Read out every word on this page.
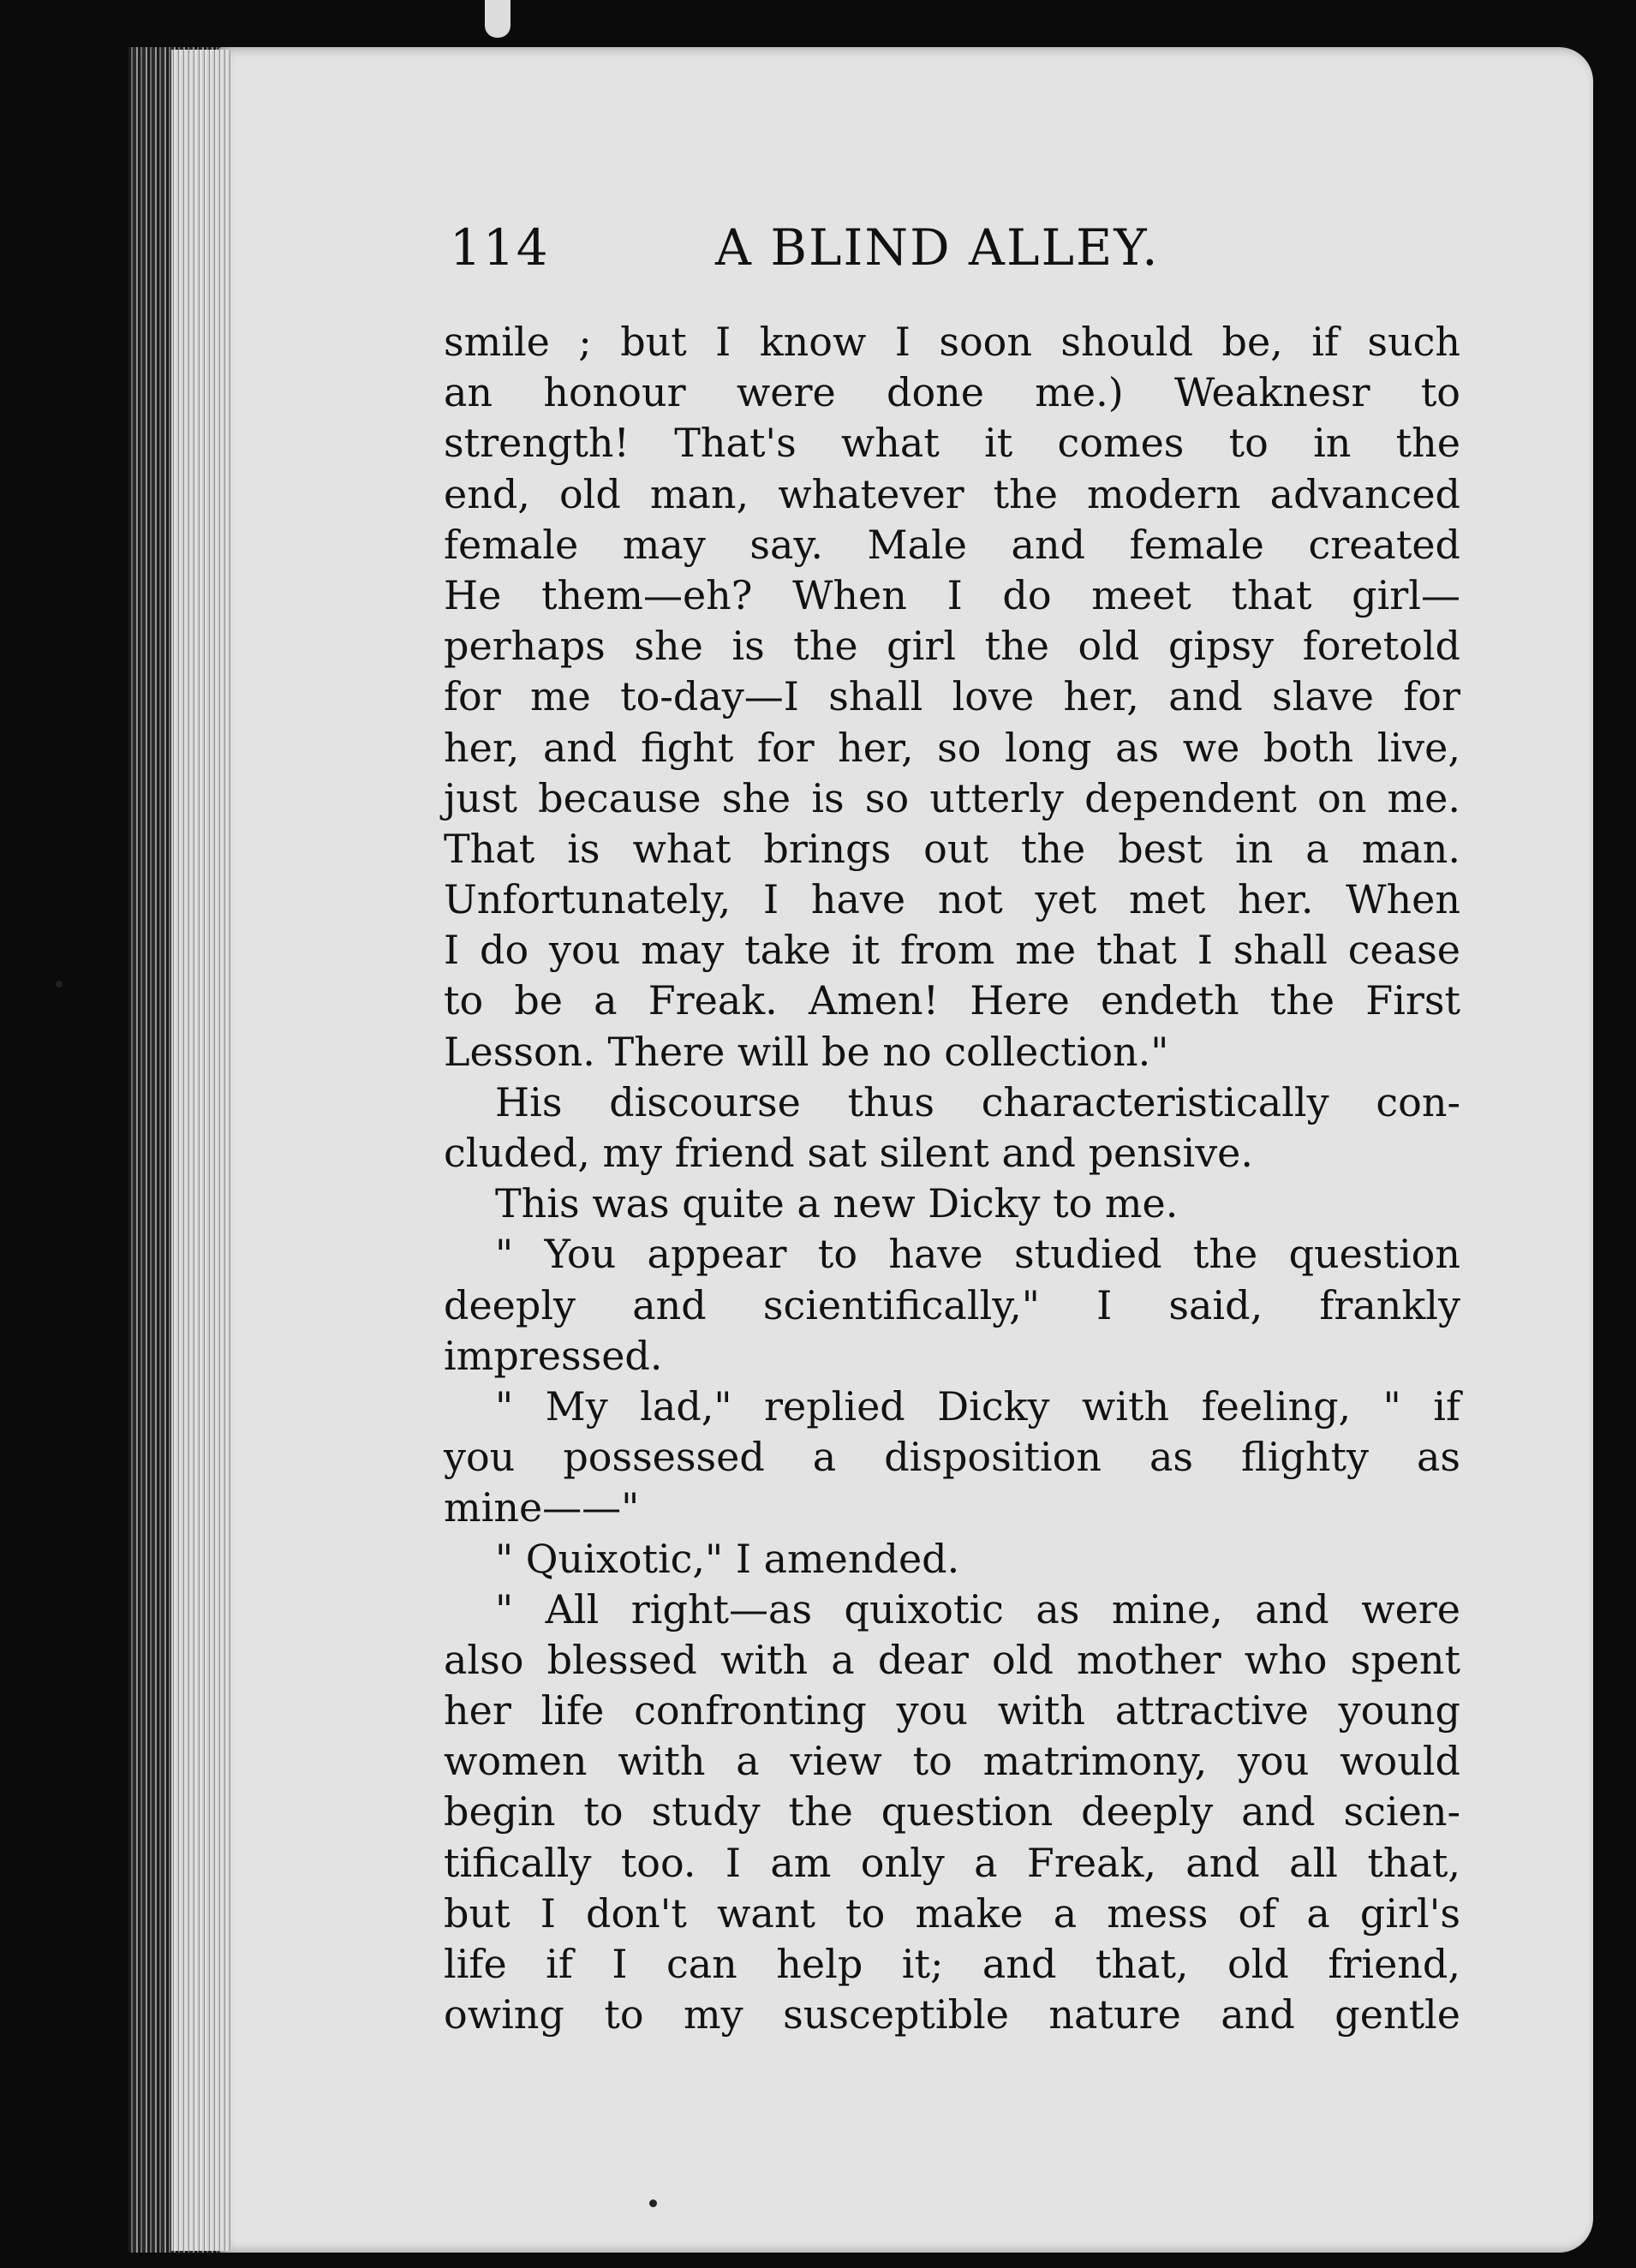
114	A BLIND ALLEY.
smile ; but I know I soon should be, if such
an honour were done me.) Weaknesr to
strength! That's what it comes to in the
end, old man, whatever the modern advanced
female may say. Male and female created
He them—eh? When I do meet that girl—
perhaps she is the girl the old gipsy foretold
for me to-day—I shall love her, and slave for
her, and fight for her, so long as we both live,
just because she is so utterly dependent on me.
That is what brings out the best in a man.
Unfortunately, I have not yet met her. When
I do you may take it from me that I shall cease
to be a Freak. Amen! Here endeth the First
Lesson. There will be no collection."
His discourse thus characteristically con-
cluded, my friend sat silent and pensive.
This was quite a new Dicky to me.
" You appear to have studied the question
deeply and scientifically," I said, frankly
impressed.
" My lad," replied Dicky with feeling, " if
you possessed a disposition as flighty as
mine——"
" Quixotic," I amended.
" All right—as quixotic as mine, and were
also blessed with a dear old mother who spent
her life confronting you with attractive young
women with a view to matrimony, you would
begin to study the question deeply and scien-
tifically too. I am only a Freak, and all that,
but I don't want to make a mess of a girl's
life if I can help it; and that, old friend,
owing to my susceptible nature and gentle
